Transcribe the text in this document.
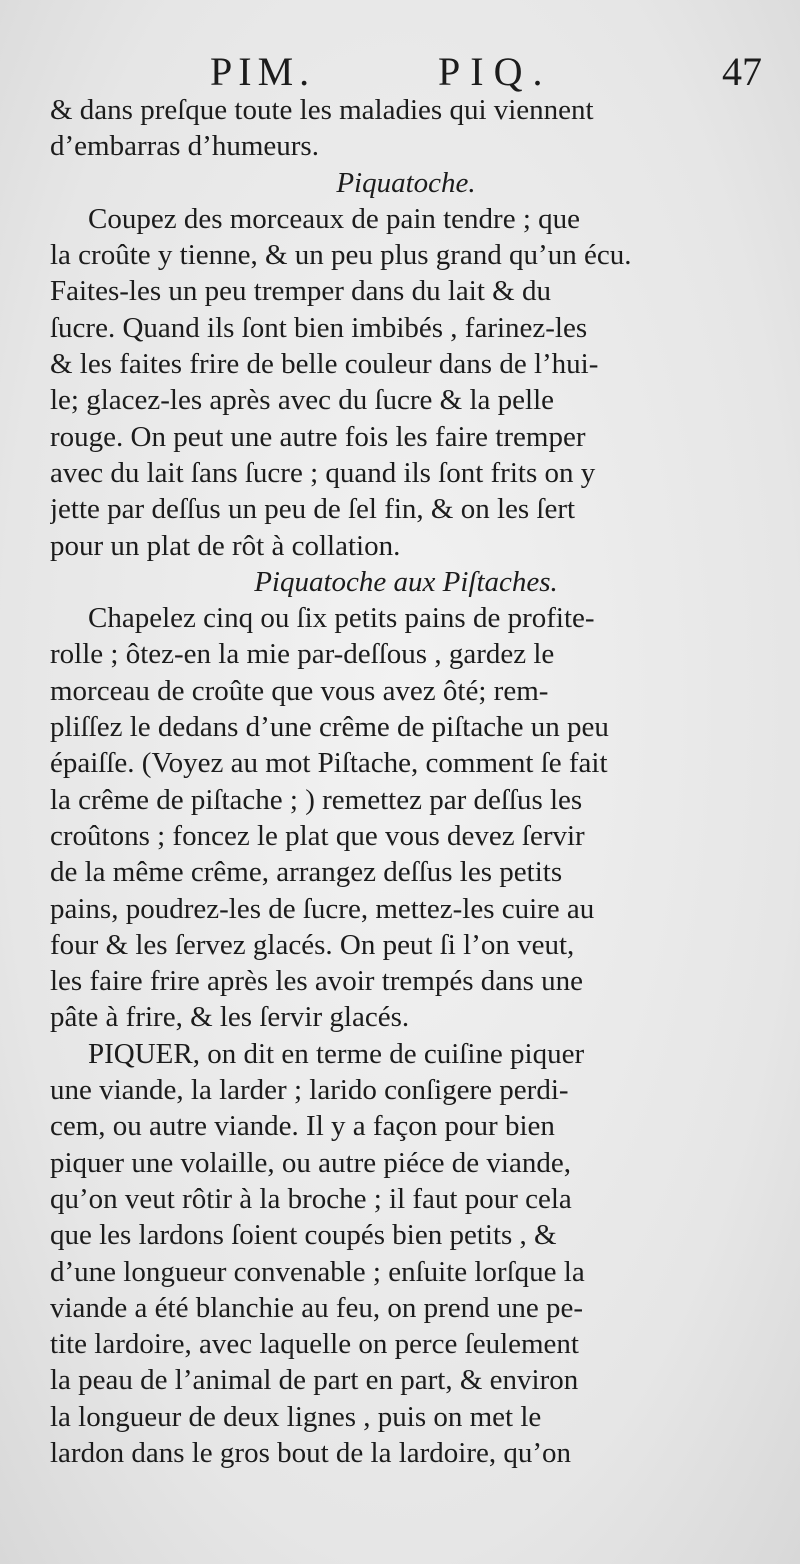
PIM.	PIQ.	47
& dans preſque toute les maladies qui viennent
d’embarras d’humeurs.
Piquatoche.
Coupez des morceaux de pain tendre ; que
la croûte y tienne, & un peu plus grand qu’un écu.
Faites-les un peu tremper dans du lait & du
ſucre. Quand ils ſont bien imbibés , farinez-les
& les faites frire de belle couleur dans de l’hui-
le; glacez-les après avec du ſucre & la pelle
rouge. On peut une autre fois les faire tremper
avec du lait ſans ſucre ; quand ils ſont frits on y
jette par deſſus un peu de ſel fin, & on les ſert
pour un plat de rôt à collation.
Piquatoche aux Piſtaches.
Chapelez cinq ou ſix petits pains de profite-
rolle ; ôtez-en la mie par-deſſous , gardez le
morceau de croûte que vous avez ôté; rem-
pliſſez le dedans d’une crême de piſtache un peu
épaiſſe. (Voyez au mot Piſtache, comment ſe fait
la crême de piſtache ; ) remettez par deſſus les
croûtons ; foncez le plat que vous devez ſervir
de la même crême, arrangez deſſus les petits
pains, poudrez-les de ſucre, mettez-les cuire au
four & les ſervez glacés. On peut ſi l’on veut,
les faire frire après les avoir trempés dans une
pâte à frire, & les ſervir glacés.
PIQUER, on dit en terme de cuiſine piquer
une viande, la larder ; larido conſigere perdi-
cem, ou autre viande. Il y a façon pour bien
piquer une volaille, ou autre piéce de viande,
qu’on veut rôtir à la broche ; il faut pour cela
que les lardons ſoient coupés bien petits , &
d’une longueur convenable ; enſuite lorſque la
viande a été blanchie au feu, on prend une pe-
tite lardoire, avec laquelle on perce ſeulement
la peau de l’animal de part en part, & environ
la longueur de deux lignes , puis on met le
lardon dans le gros bout de la lardoire, qu’on
